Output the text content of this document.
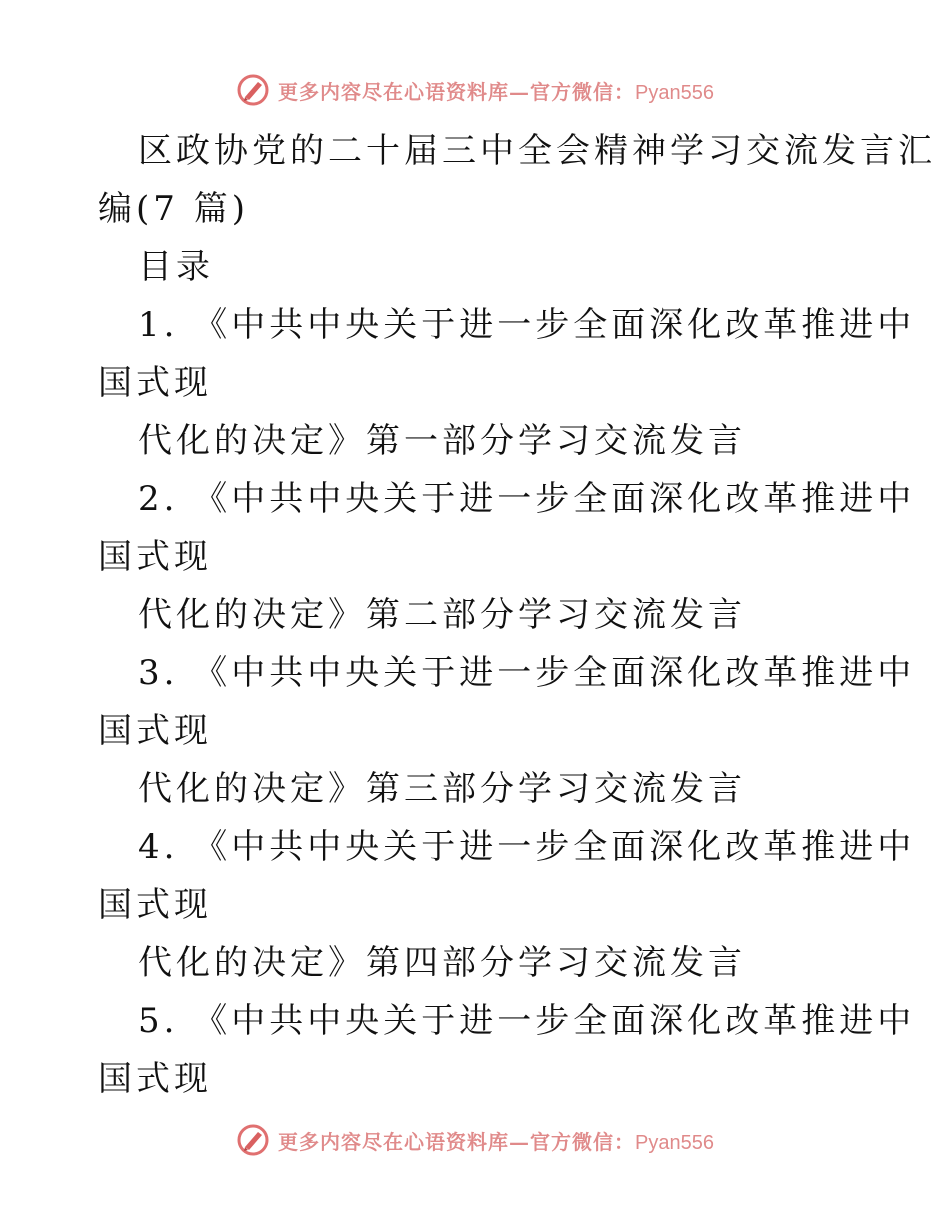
更多内容尽在心语资料库—官方微信：Pyan556
区政协党的二十届三中全会精神学习交流发言汇
编(7 篇)
目录
1. 《中共中央关于进一步全面深化改革推进中
国式现
代化的决定》第一部分学习交流发言
2. 《中共中央关于进一步全面深化改革推进中
国式现
代化的决定》第二部分学习交流发言
3. 《中共中央关于进一步全面深化改革推进中
国式现
代化的决定》第三部分学习交流发言
4. 《中共中央关于进一步全面深化改革推进中
国式现
代化的决定》第四部分学习交流发言
5. 《中共中央关于进一步全面深化改革推进中
国式现
更多内容尽在心语资料库—官方微信：Pyan556
